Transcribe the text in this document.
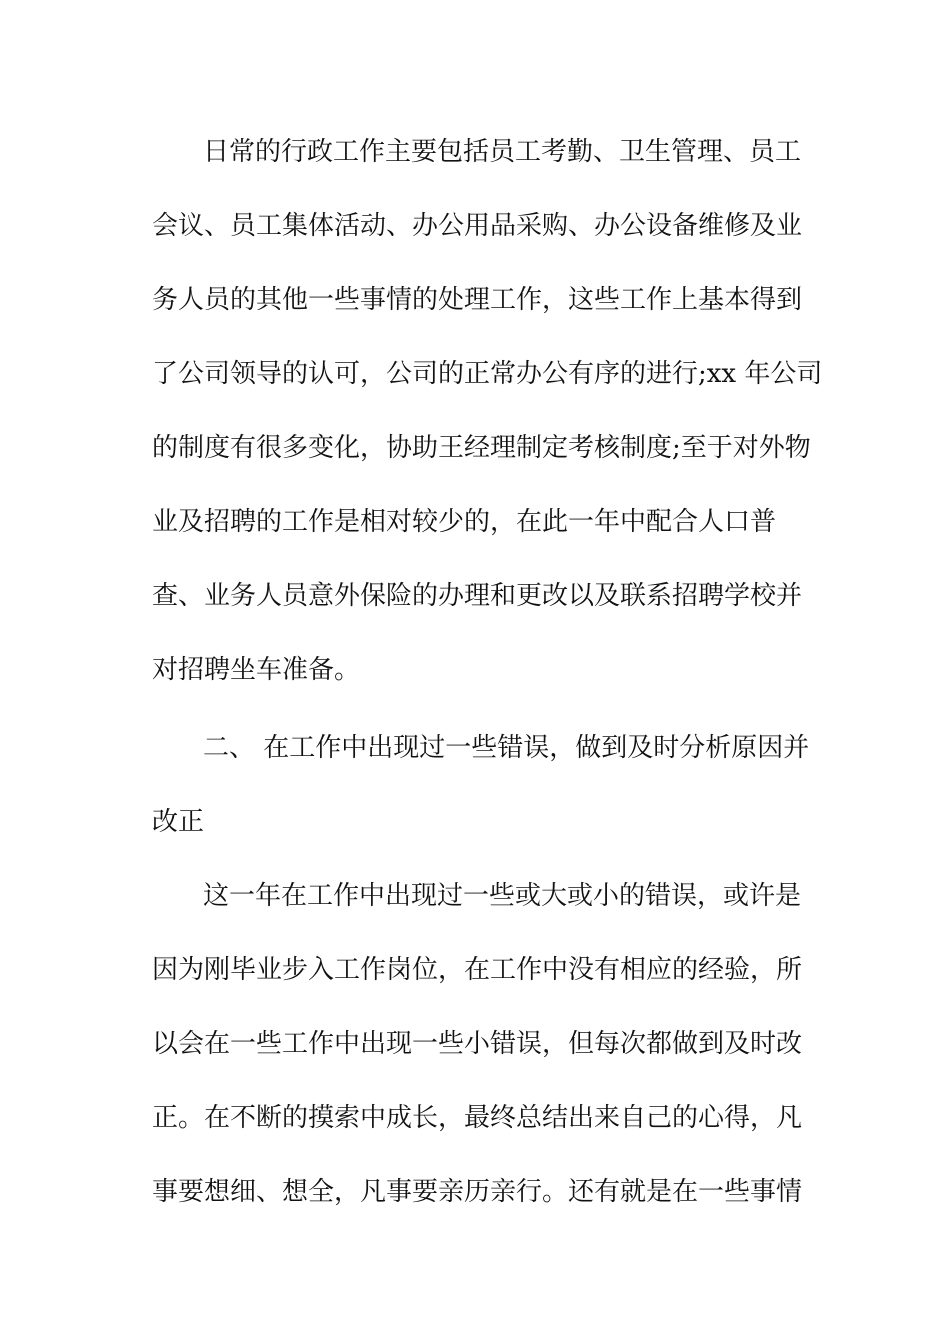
日常的行政工作主要包括员工考勤、卫生管理、员工
会议、员工集体活动、办公用品采购、办公设备维修及业
务人员的其他一些事情的处理工作，这些工作上基本得到
了公司领导的认可，公司的正常办公有序的进行;xx 年公司
的制度有很多变化，协助王经理制定考核制度;至于对外物
业及招聘的工作是相对较少的，在此一年中配合人口普
查、业务人员意外保险的办理和更改以及联系招聘学校并
对招聘坐车准备。
二、 在工作中出现过一些错误，做到及时分析原因并
改正
这一年在工作中出现过一些或大或小的错误，或许是
因为刚毕业步入工作岗位，在工作中没有相应的经验，所
以会在一些工作中出现一些小错误，但每次都做到及时改
正。在不断的摸索中成长，最终总结出来自己的心得，凡
事要想细、想全，凡事要亲历亲行。还有就是在一些事情
